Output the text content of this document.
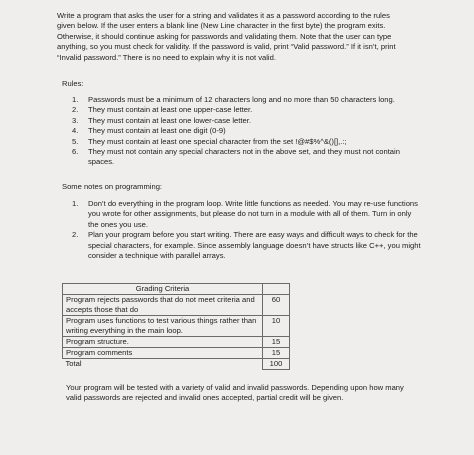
Write a program that asks the user for a string and validates it as a password according to the rules

given below. If the user enters a blank line (New Line character in the first byte) the program exits.

Otherwise, it should continue asking for passwords and validating them. Note that the user can type

anything, so you must check for validity. If the password is valid, print “Valid password.” If it isn’t, print

“Invalid password.” There is no need to explain why it is not valid.

Rules:
1.	Passwords must be a minimum of 12 characters long and no more than 50 characters long.
2.	They must contain at least one upper-case letter.
3.	They must contain at least one lower-case letter.
4.	They must contain at least one digit (0-9)
5.	They must contain at least one special character from the set !@#$%^&()[],.:;
6.	They must not contain any special characters not in the above set, and they must not contain spaces.
Some notes on programming:
1.	Don’t do everything in the program loop. Write little functions as needed. You may re-use functions you wrote for other assignments, but please do not turn in a module with all of them. Turn in only the ones you use.
2.	Plan your program before you start writing. There are easy ways and difficult ways to check for the special characters, for example. Since assembly language doesn’t have structs like C++, you might consider a technique with parallel arrays.
Grading Criteria	
Program rejects passwords that do not meet criteria and accepts those that do	60
Program uses functions to test various things rather than writing everything in the main loop.	10
Program structure.	15
Program comments	15
Total	100

Your program will be tested with a variety of valid and invalid passwords. Depending upon how many

valid passwords are rejected and invalid ones accepted, partial credit will be given.
